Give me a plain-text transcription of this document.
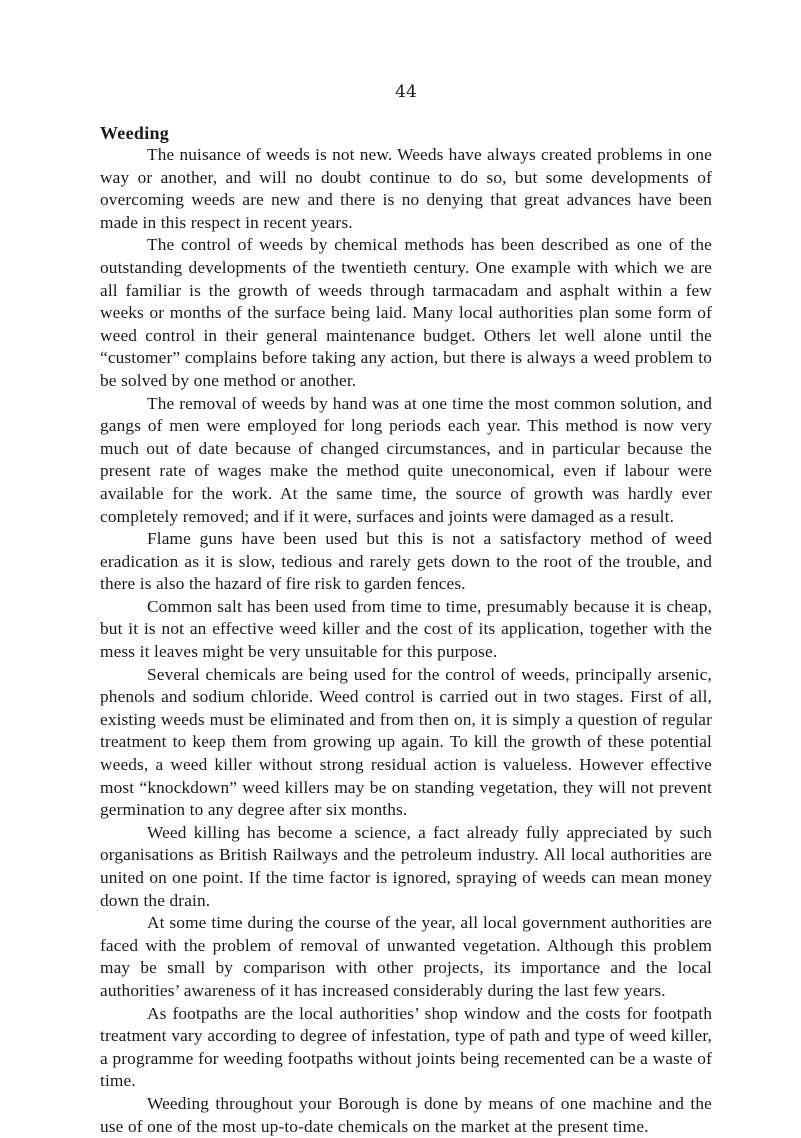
44
Weeding

The nuisance of weeds is not new. Weeds have always created problems in one way or another, and will no doubt continue to do so, but some developments of overcoming weeds are new and there is no denying that great advances have been made in this respect in recent years.

The control of weeds by chemical methods has been described as one of the outstanding developments of the twentieth century. One example with which we are all familiar is the growth of weeds through tarmacadam and asphalt within a few weeks or months of the surface being laid. Many local authorities plan some form of weed control in their general maintenance budget. Others let well alone until the “customer” complains before taking any action, but there is always a weed problem to be solved by one method or another.

The removal of weeds by hand was at one time the most common solution, and gangs of men were employed for long periods each year. This method is now very much out of date because of changed circumstances, and in particular because the present rate of wages make the method quite uneconomical, even if labour were available for the work. At the same time, the source of growth was hardly ever completely removed; and if it were, surfaces and joints were damaged as a result.

Flame guns have been used but this is not a satisfactory method of weed eradication as it is slow, tedious and rarely gets down to the root of the trouble, and there is also the hazard of fire risk to garden fences.

Common salt has been used from time to time, presumably because it is cheap, but it is not an effective weed killer and the cost of its application, together with the mess it leaves might be very unsuitable for this purpose.

Several chemicals are being used for the control of weeds, principally arsenic, phenols and sodium chloride. Weed control is carried out in two stages. First of all, existing weeds must be eliminated and from then on, it is simply a question of regular treatment to keep them from growing up again. To kill the growth of these potential weeds, a weed killer without strong residual action is valueless. However effective most “knockdown” weed killers may be on standing vegetation, they will not prevent germination to any degree after six months.

Weed killing has become a science, a fact already fully appreciated by such organisations as British Railways and the petroleum industry. All local authorities are united on one point. If the time factor is ignored, spraying of weeds can mean money down the drain.

At some time during the course of the year, all local government authorities are faced with the problem of removal of unwanted vegetation. Although this problem may be small by comparison with other projects, its importance and the local authorities’ awareness of it has increased considerably during the last few years.

As footpaths are the local authorities’ shop window and the costs for footpath treatment vary according to degree of infestation, type of path and type of weed killer, a programme for weeding footpaths without joints being recemented can be a waste of time.

Weeding throughout your Borough is done by means of one machine and the use of one of the most up-to-date chemicals on the market at the present time.
